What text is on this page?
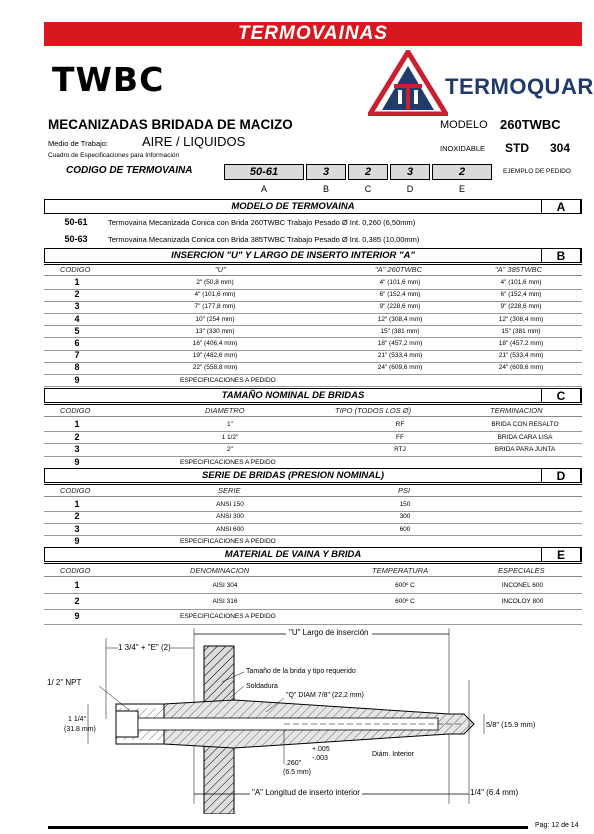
TERMOVAINAS
TWBC	TERMOQUAR
MECANIZADAS BRIDADA DE MACIZO	MODELO 260TWBC
Medio de Trabajo:	AIRE / LIQUIDOS	INOXIDABLE STD 304
Cuadro de Especificaciones para Información
CODIGO DE TERMOVAINA	50-61	3	2	3	2	EJEMPLO DE PEDIDO
A	B	C	D	E
MODELO DE TERMOVAINA	A
50-61	Termovaina Mecanizada Conica con Brida 260TWBC Trabajo Pesado Ø Int. 0,260 (6,50mm)
50-63	Termovaina Mecanizada Conica con Brida 385TWBC Trabajo Pesado Ø Int. 0,385 (10,00mm)
INSERCION "U" Y LARGO DE INSERTO INTERIOR "A"	B
CODIGO	"U"	"A" 260TWBC	"A" 385TWBC
1	2" (50,8 mm)	4" (101,6 mm)	4" (101,6 mm)
2	4" (101,6 mm)	6" (152,4 mm)	6" (152,4 mm)
3	7" (177,8 mm)	9" (228,6 mm)	9" (228,6 mm)
4	10" (254 mm)	12" (308,4 mm)	12" (308,4 mm)
5	13" (330 mm)	15" (381 mm)	15" (381 mm)
6	16" (406,4 mm)	18" (457,2 mm)	18" (457,2 mm)
7	19" (482,6 mm)	21" (533,4 mm)	21" (533,4 mm)
8	22" (558,8 mm)	24" (609,6 mm)	24" (609,6 mm)
9	ESPECIFICACIONES A PEDIDO
TAMAÑO NOMINAL DE BRIDAS	C
CODIGO	DIAMETRO	TIPO (TODOS LOS Ø)	TERMINACION
1	1"	RF	BRIDA CON RESALTO
2	1 1/2"	FF	BRIDA CARA LISA
3	2"	RTJ	BRIDA PARA JUNTA
9	ESPECIFICACIONES A PEDIDO
SERIE DE BRIDAS (PRESION NOMINAL)	D
CODIGO	SERIE	PSI
1	ANSI 150	150
2	ANSI 300	300
3	ANSI 600	600
9	ESPECIFICACIONES A PEDIDO
MATERIAL DE VAINA Y BRIDA	E
CODIGO	DENOMINACION	TEMPERATURA	ESPECIALES
1	AISI 304	600º C	INCONEL 600
2	AISI 316	600º C	INCOLOY 800
9	ESPECIFICACIONES A PEDIDO
"U" Largo de inserción
1 3/4" + "E" (2)
1/ 2" NPT
Tamaño de la brida y tipo requerido
Soldadura
"Q" DIAM 7/8" (22,2 mm)
1 1/4"
(31.8 mm)
5/8" (15.9 mm)
+.005
-.003
Diám. Interior
.260"
(6.5 mm)
"A" Longitud de inserto interior	1/4" (6.4 mm)
Pag: 12 de 14
